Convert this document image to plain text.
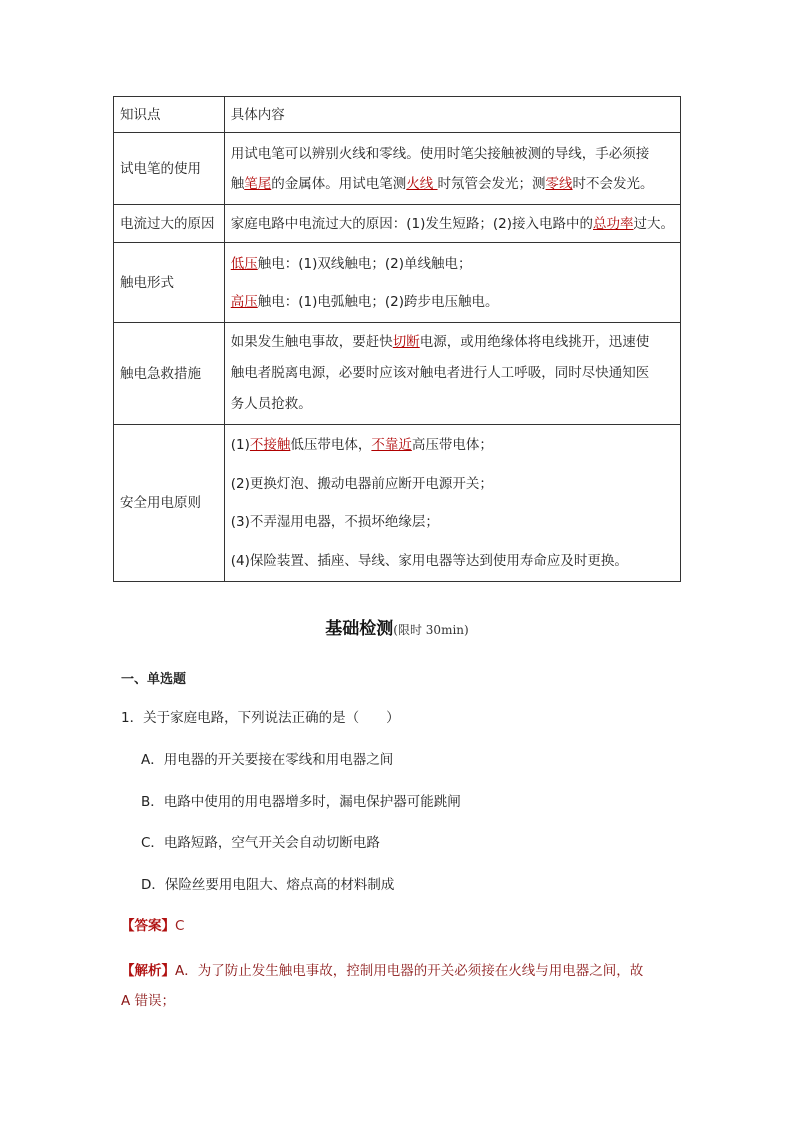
知识点	具体内容
试电笔的使用	用试电笔可以辨别火线和零线。使用时笔尖接触被测的导线，手必须接
触笔尾的金属体。用试电笔测火线 时氖管会发光；测零线时不会发光。

电流过大的原因	家庭电路中电流过大的原因：(1)发生短路；(2)接入电路中的总功率过大。

触电形式	低压触电：(1)双线触电；(2)单线触电；
高压触电：(1)电弧触电；(2)跨步电压触电。

触电急救措施	如果发生触电事故，要赶快切断电源，或用绝缘体将电线挑开，迅速使
触电者脱离电源，必要时应该对触电者进行人工呼吸，同时尽快通知医
务人员抢救。

安全用电原则	(1)不接触低压带电体，不靠近高压带电体；
(2)更换灯泡、搬动电器前应断开电源开关；
(3)不弄湿用电器，不损坏绝缘层；
(4)保险装置、插座、导线、家用电器等达到使用寿命应及时更换。
基础检测(限时 30min)
一、单选题
1．关于家庭电路，下列说法正确的是（　　）
A．用电器的开关要接在零线和用电器之间
B．电路中使用的用电器增多时，漏电保护器可能跳闸
C．电路短路，空气开关会自动切断电路
D．保险丝要用电阻大、熔点高的材料制成
【答案】C
【解析】A．为了防止发生触电事故，控制用电器的开关必须接在火线与用电器之间，故
A 错误；
